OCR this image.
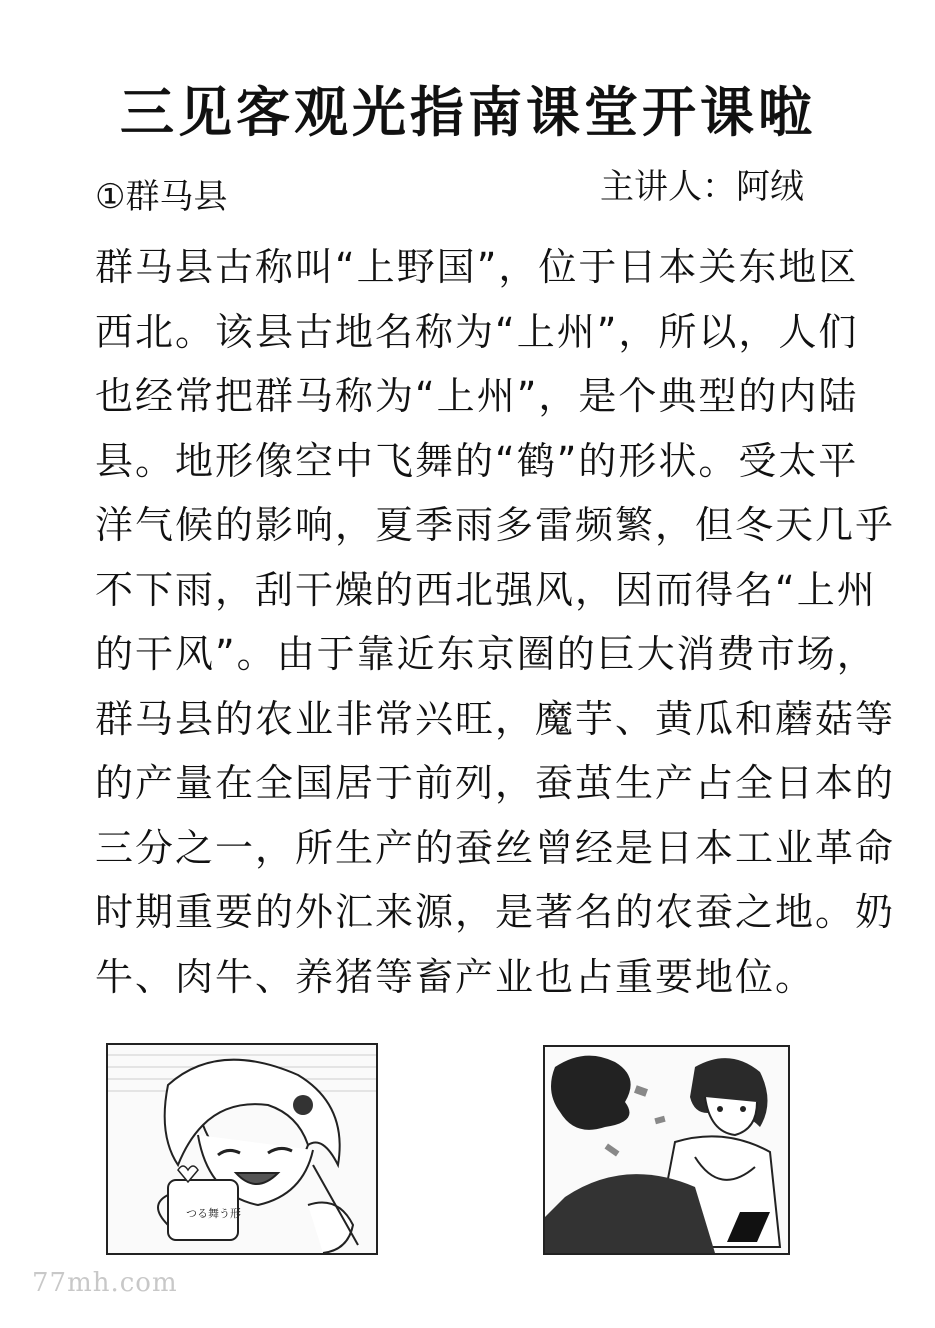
三见客观光指南课堂开课啦
①群马县	主讲人：阿绒
群马县古称叫“上野国”，位于日本关东地区
西北。该县古地名称为“上州”，所以，人们
也经常把群马称为“上州”，是个典型的内陆
县。地形像空中飞舞的“鹤”的形状。受太平
洋气候的影响，夏季雨多雷频繁，但冬天几乎
不下雨，刮干燥的西北强风，因而得名“上州
的干风”。由于靠近东京圈的巨大消费市场，
群马县的农业非常兴旺，魔芋、黄瓜和蘑菇等
的产量在全国居于前列，蚕茧生产占全日本的
三分之一，所生产的蚕丝曾经是日本工业革命
时期重要的外汇来源，是著名的农蚕之地。奶
牛、肉牛、养猪等畜产业也占重要地位。
つる舞う形
77mh.com
